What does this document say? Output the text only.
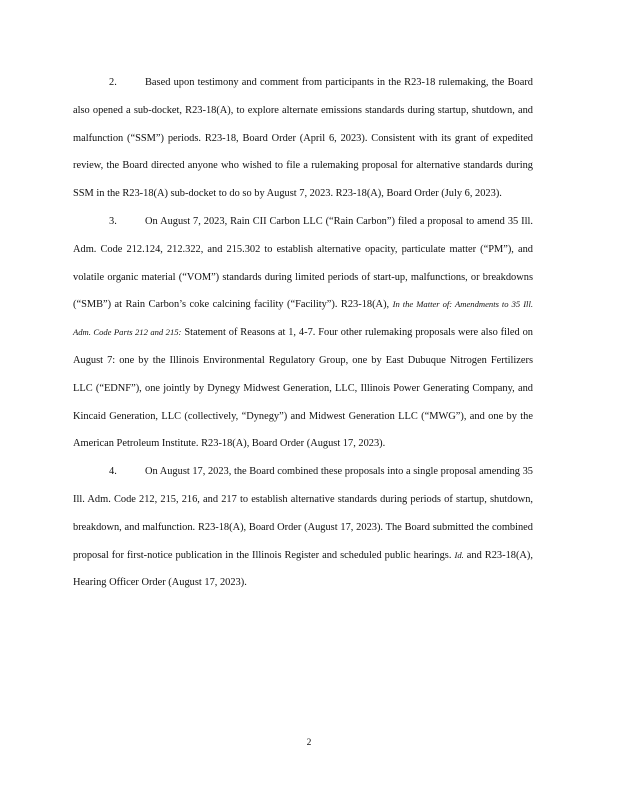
2.	Based upon testimony and comment from participants in the R23-18 rulemaking, the Board also opened a sub-docket, R23-18(A), to explore alternate emissions standards during startup, shutdown, and malfunction (“SSM”) periods. R23-18, Board Order (April 6, 2023). Consistent with its grant of expedited review, the Board directed anyone who wished to file a rulemaking proposal for alternative standards during SSM in the R23-18(A) sub-docket to do so by August 7, 2023. R23-18(A), Board Order (July 6, 2023).

3.	On August 7, 2023, Rain CII Carbon LLC (“Rain Carbon”) filed a proposal to amend 35 Ill. Adm. Code 212.124, 212.322, and 215.302 to establish alternative opacity, particulate matter (“PM”), and volatile organic material (“VOM”) standards during limited periods of start-up, malfunctions, or breakdowns (“SMB”) at Rain Carbon’s coke calcining facility (“Facility”). R23-18(A), In the Matter of: Amendments to 35 Ill. Adm. Code Parts 212 and 215: Statement of Reasons at 1, 4-7. Four other rulemaking proposals were also filed on August 7: one by the Illinois Environmental Regulatory Group, one by East Dubuque Nitrogen Fertilizers LLC (“EDNF”), one jointly by Dynegy Midwest Generation, LLC, Illinois Power Generating Company, and Kincaid Generation, LLC (collectively, “Dynegy”) and Midwest Generation LLC (“MWG”), and one by the American Petroleum Institute. R23-18(A), Board Order (August 17, 2023).

4.	On August 17, 2023, the Board combined these proposals into a single proposal amending 35 Ill. Adm. Code 212, 215, 216, and 217 to establish alternative standards during periods of startup, shutdown, breakdown, and malfunction. R23-18(A), Board Order (August 17, 2023). The Board submitted the combined proposal for first-notice publication in the Illinois Register and scheduled public hearings. Id. and R23-18(A), Hearing Officer Order (August 17, 2023).

2
